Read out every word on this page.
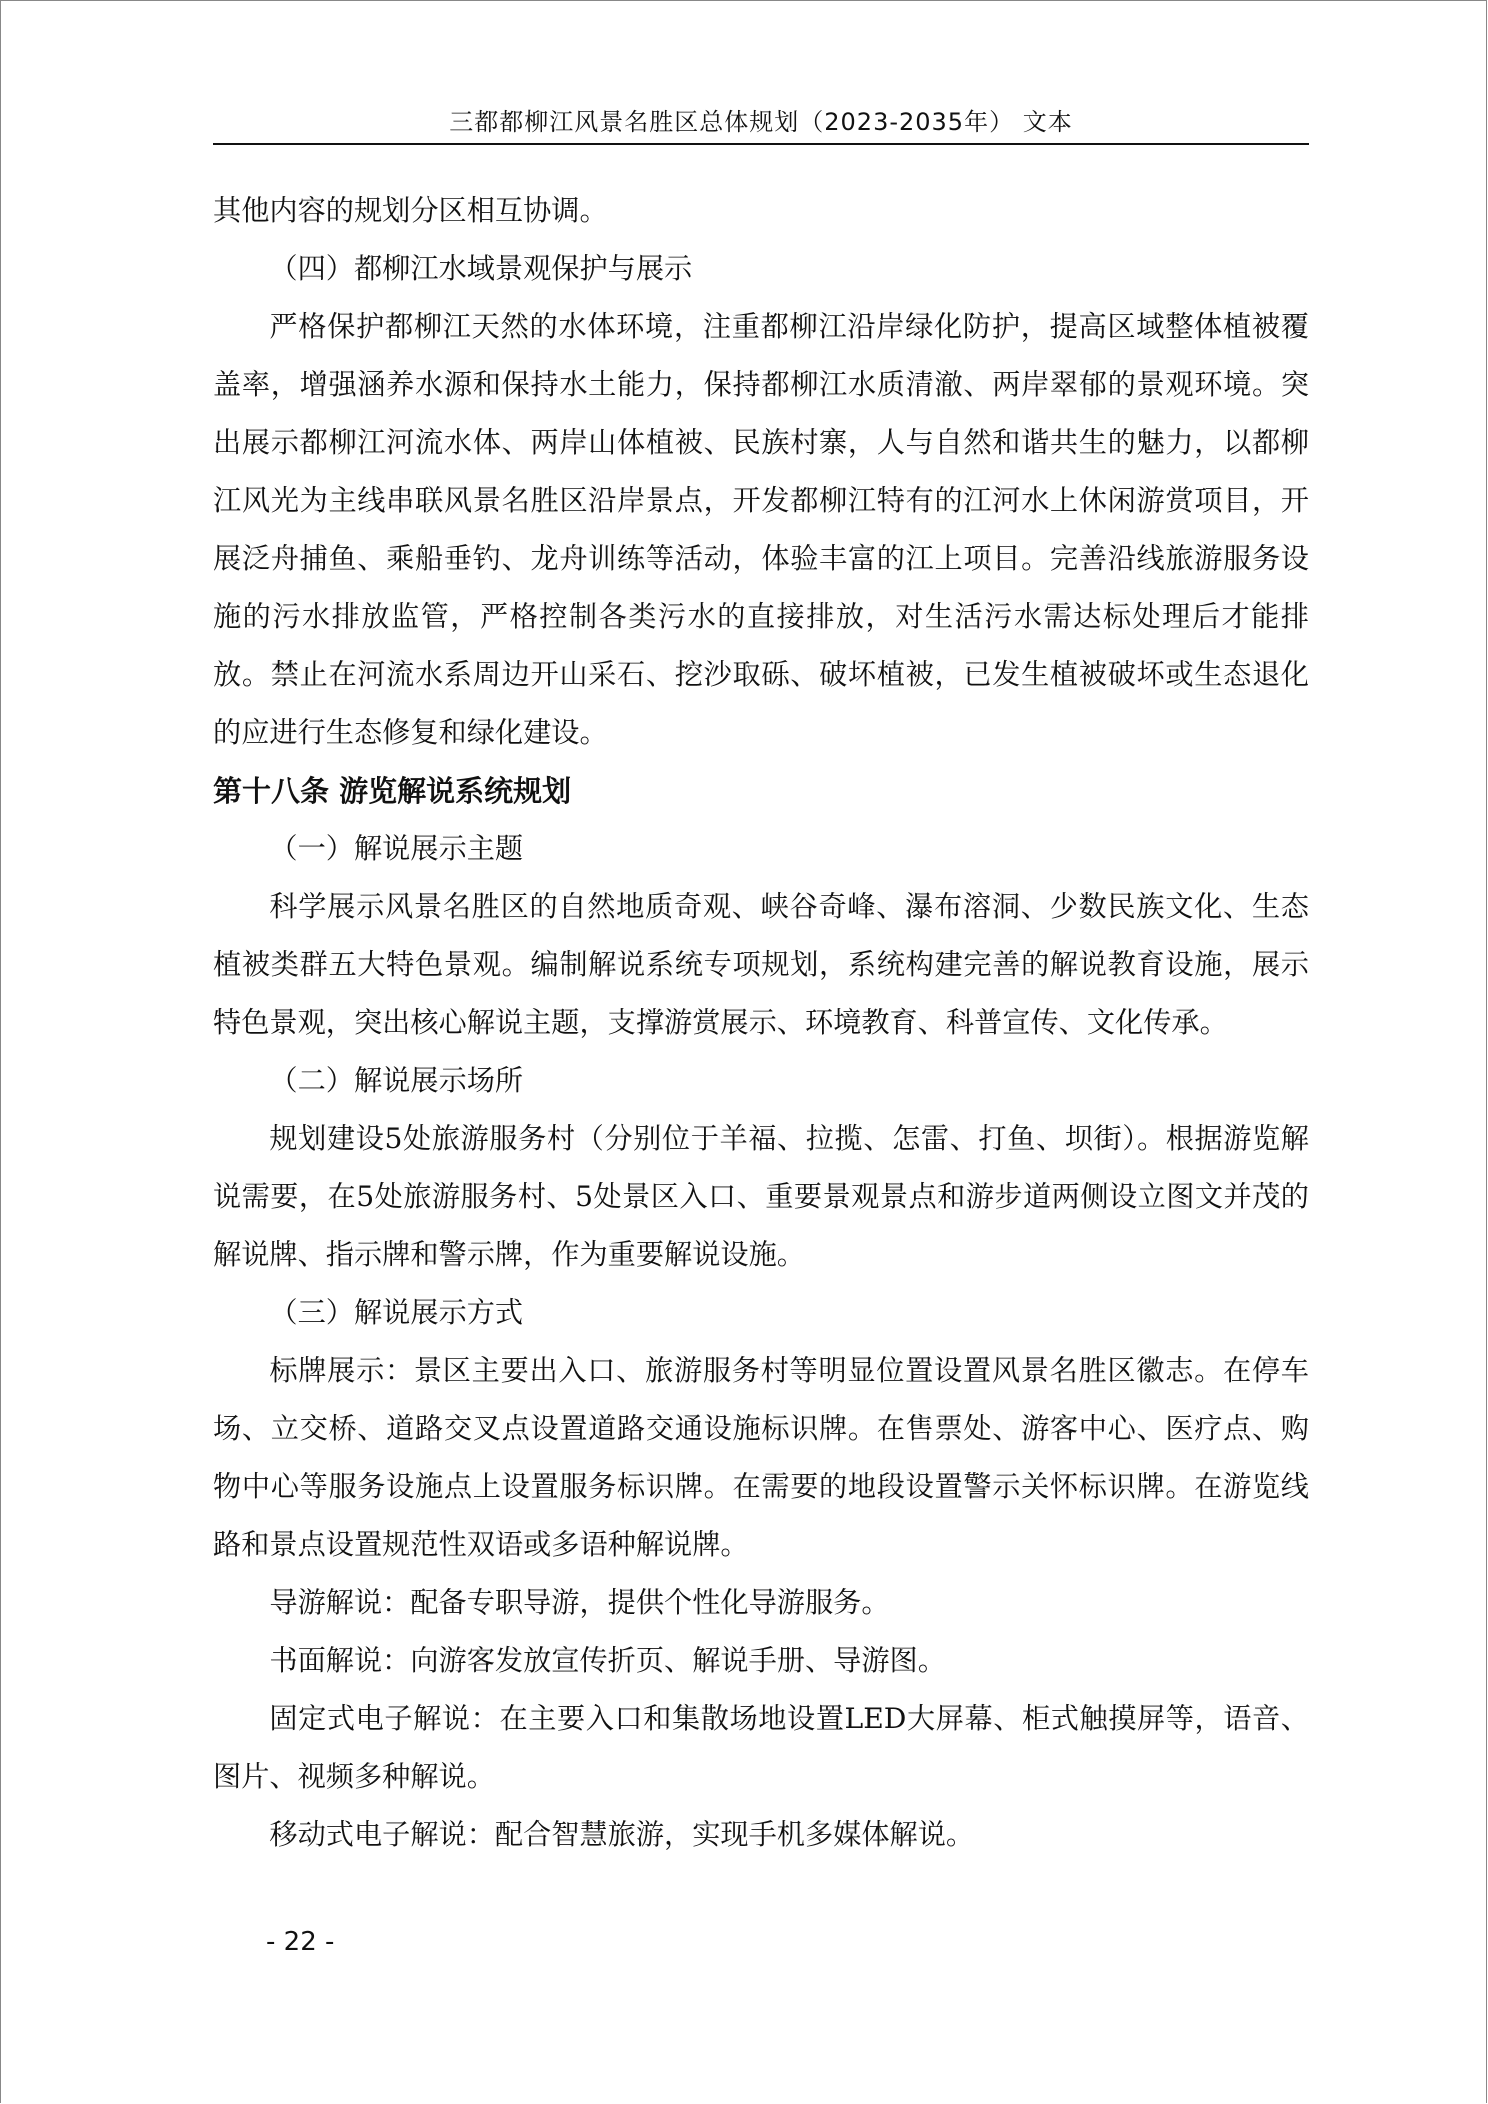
三都都柳江风景名胜区总体规划（2023-2035年） 文本

其他内容的规划分区相互协调。

（四）都柳江水域景观保护与展示

严格保护都柳江天然的水体环境，注重都柳江沿岸绿化防护，提高区域整体植被覆盖率，增强涵养水源和保持水土能力，保持都柳江水质清澈、两岸翠郁的景观环境。突出展示都柳江河流水体、两岸山体植被、民族村寨，人与自然和谐共生的魅力，以都柳江风光为主线串联风景名胜区沿岸景点，开发都柳江特有的江河水上休闲游赏项目，开展泛舟捕鱼、乘船垂钓、龙舟训练等活动，体验丰富的江上项目。完善沿线旅游服务设施的污水排放监管，严格控制各类污水的直接排放，对生活污水需达标处理后才能排放。禁止在河流水系周边开山采石、挖沙取砾、破坏植被，已发生植被破坏或生态退化的应进行生态修复和绿化建设。

第十八条 游览解说系统规划

（一）解说展示主题

科学展示风景名胜区的自然地质奇观、峡谷奇峰、瀑布溶洞、少数民族文化、生态植被类群五大特色景观。编制解说系统专项规划，系统构建完善的解说教育设施，展示特色景观，突出核心解说主题，支撑游赏展示、环境教育、科普宣传、文化传承。

（二）解说展示场所

规划建设5处旅游服务村（分别位于羊福、拉揽、怎雷、打鱼、坝街）。根据游览解说需要，在5处旅游服务村、5处景区入口、重要景观景点和游步道两侧设立图文并茂的解说牌、指示牌和警示牌，作为重要解说设施。

（三）解说展示方式

标牌展示：景区主要出入口、旅游服务村等明显位置设置风景名胜区徽志。在停车场、立交桥、道路交叉点设置道路交通设施标识牌。在售票处、游客中心、医疗点、购物中心等服务设施点上设置服务标识牌。在需要的地段设置警示关怀标识牌。在游览线路和景点设置规范性双语或多语种解说牌。

导游解说：配备专职导游，提供个性化导游服务。

书面解说：向游客发放宣传折页、解说手册、导游图。

固定式电子解说：在主要入口和集散场地设置LED大屏幕、柜式触摸屏等，语音、图片、视频多种解说。

移动式电子解说：配合智慧旅游，实现手机多媒体解说。

- 22 -
